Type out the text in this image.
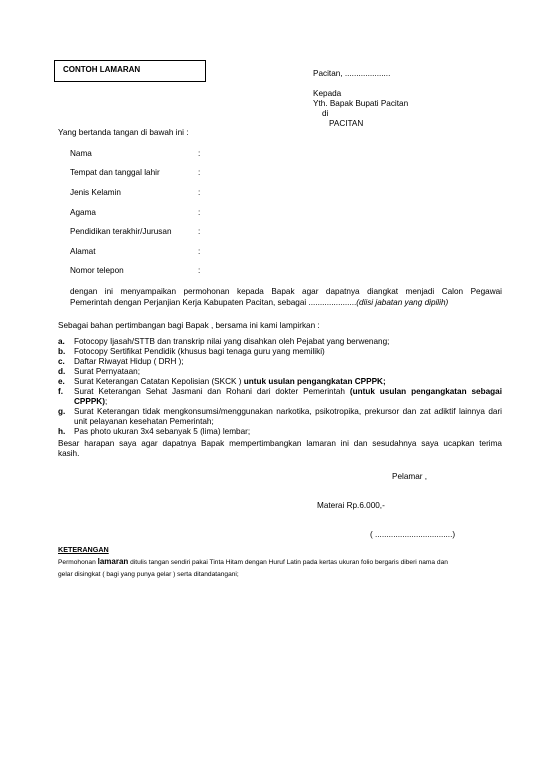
CONTOH LAMARAN	Pacitan, ....................
Kepada
Yth. Bapak Bupati Pacitan
di
PACITAN
Yang bertanda tangan di bawah ini :
Nama	:
Tempat dan tanggal lahir	:
Jenis Kelamin	:
Agama	:
Pendidikan terakhir/Jurusan	:
Alamat	:
Nomor telepon	:
dengan ini menyampaikan permohonan kepada Bapak agar dapatnya diangkat menjadi Calon Pegawai
Pemerintah dengan Perjanjian Kerja Kabupaten Pacitan, sebagai .....................(diisi jabatan yang dipilih)
Sebagai bahan pertimbangan bagi Bapak , bersama ini kami lampirkan :
a. Fotocopy Ijasah/STTB dan transkrip nilai yang disahkan oleh Pejabat yang berwenang;
b. Fotocopy Sertifikat Pendidik (khusus bagi tenaga guru yang memiliki)
c. Daftar Riwayat Hidup ( DRH );
d. Surat Pernyataan;
e. Surat Keterangan Catatan Kepolisian (SKCK ) untuk usulan pengangkatan CPPPK;
f. Surat Keterangan Sehat Jasmani dan Rohani dari dokter Pemerintah (untuk usulan pengangkatan sebagai CPPPK);
g. Surat Keterangan tidak mengkonsumsi/menggunakan narkotika, psikotropika, prekursor dan zat adiktif lainnya dari unit pelayanan kesehatan Pemerintah;
h. Pas photo ukuran 3x4 sebanyak 5 (lima) lembar;
Besar harapan saya agar dapatnya Bapak mempertimbangkan lamaran ini dan sesudahnya saya ucapkan terima
kasih.
Pelamar ,
Materai Rp.6.000,-
( ..................................)
KETERANGAN
Permohonan lamaran ditulis tangan sendiri pakai Tinta Hitam dengan Huruf Latin pada kertas ukuran folio bergaris diberi nama dan
gelar disingkat ( bagi yang punya gelar ) serta ditandatangani;
